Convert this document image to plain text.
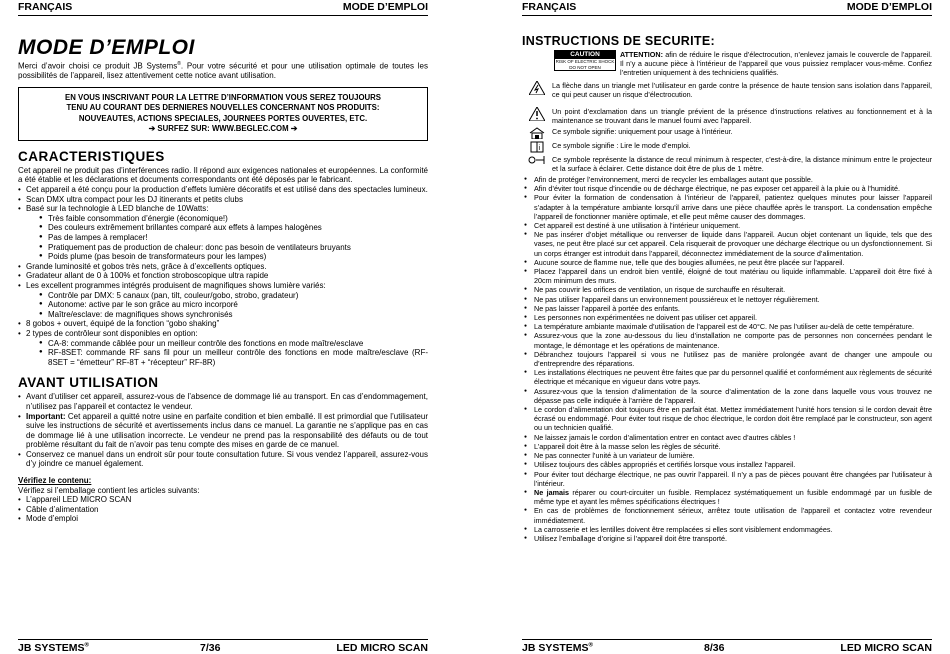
FRANÇAIS	MODE D’EMPLOI
MODE D’EMPLOI

Merci d’avoir choisi ce produit JB Systems®. Pour votre sécurité et pour une utilisation optimale de toutes les possibilités de l’appareil, lisez attentivement cette notice avant utilisation.

EN VOUS INSCRIVANT POUR LA LETTRE D’INFORMATION VOUS SEREZ TOUJOURS
TENU AU COURANT DES DERNIERES NOUVELLES CONCERNANT NOS PRODUITS:
NOUVEAUTES, ACTIONS SPECIALES, JOURNEES PORTES OUVERTES, ETC.
➔ SURFEZ SUR: WWW.BEGLEC.COM ➔
CARACTERISTIQUES

Cet appareil ne produit pas d’interférences radio. Il répond aux exigences nationales et européennes. La conformité a été établie et les déclarations et documents correspondants ont été déposés par le fabricant.

• Cet appareil a été conçu pour la production d’effets lumière décoratifs et est utilisé dans des spectacles lumineux.
• Scan DMX ultra compact pour les DJ itinerants et petits clubs
• Basé sur la technologie à LED blanche de 10Watts:
● Très faible consommation d’énergie (économique!)
● Des couleurs extrêmement brillantes comparé aux effets à lampes halogènes
● Pas de lampes à remplacer!
● Pratiquement pas de production de chaleur: donc pas besoin de ventilateurs bruyants
● Poids plume (pas besoin de transformateurs pour les lampes)
• Grande luminosité et gobos très nets, grâce à d’excellents optiques.
• Gradateur allant de 0 à 100% et fonction stroboscopique ultra rapide
• Les excellent programmes intégrés produisent de magnifiques shows lumière variés:
● Contrôle par DMX: 5 canaux (pan, tilt, couleur/gobo, strobo, gradateur)
● Autonome: active par le son grâce au micro incorporé
● Maître/esclave: de magnifiques shows synchronisés
• 8 gobos + ouvert, équipé de la fonction “gobo shaking”
• 2 types de contrôleur sont disponibles en option:
● CA-8: commande câblée pour un meilleur contrôle des fonctions en mode maître/esclave
● RF-8SET: commande RF sans fil pour un meilleur contrôle des fonctions en mode maître/esclave (RF-8SET = “émetteur” RF-8T + “récepteur” RF-8R)
AVANT UTILISATION
• Avant d’utiliser cet appareil, assurez-vous de l’absence de dommage lié au transport. En cas d’endommagement, n’utilisez pas l’appareil et contactez le vendeur.
• Important: Cet appareil a quitté notre usine en parfaite condition et bien emballé. Il est primordial que l’utilisateur suive les instructions de sécurité et avertissements inclus dans ce manuel. La garantie ne s’applique pas en cas de dommage lié à une utilisation incorrecte. Le vendeur ne prend pas la responsabilité des défauts ou de tout problème résultant du fait de n’avoir pas tenu compte des mises en garde de ce manuel.
• Conservez ce manuel dans un endroit sûr pour toute consultation future. Si vous vendez l’appareil, assurez-vous d’y joindre ce manuel également.

Vérifiez le contenu:

Vérifiez si l’emballage contient les articles suivants:

• L’appareil LED MICRO SCAN
• Câble d’alimentation
• Mode d’emploi
JB SYSTEMS®	7/36	LED MICRO SCAN
FRANÇAIS	MODE D’EMPLOI
INSTRUCTIONS DE SECURITE:
CAUTION
RISK OF ELECTRIC SHOCK
DO NOT OPEN
ATTENTION: afin de réduire le risque d’électrocution, n’enlevez jamais le couvercle de l’appareil. Il n’y a aucune pièce à l’intérieur de l’appareil que vous puissiez remplacer vous-même. Confiez l’entretien uniquement à des techniciens qualifiés.
La flèche dans un triangle met l’utilisateur en garde contre la présence de haute tension sans isolation dans l’appareil, ce qui peut causer un risque d’électrocution.
Un point d’exclamation dans un triangle prévient de la présence d’instructions relatives au fonctionnement et à la maintenance se trouvant dans le manuel fourni avec l’appareil.
Ce symbole signifie: uniquement pour usage à l’intérieur.
i Ce symbole signifie : Lire le mode d’emploi.
Ce symbole représente la distance de recul minimum à respecter, c’est-à-dire, la distance minimum entre le projecteur et la surface à éclairer. Cette distance doit être de plus de 1 mètre.
● Afin de protéger l’environnement, merci de recycler les emballages autant que possible.
● Afin d’éviter tout risque d’incendie ou de décharge électrique, ne pas exposer cet appareil à la pluie ou à l’humidité.
● Pour éviter la formation de condensation à l’intérieur de l’appareil, patientez quelques minutes pour laisser l’appareil s’adapter à la température ambiante lorsqu’il arrive dans une pièce chauffée après le transport. La condensation empêche l’appareil de fonctionner manière optimale, et elle peut même causer des dommages.
● Cet appareil est destiné à une utilisation à l’intérieur uniquement.
● Ne pas insérer d’objet métallique ou renverser de liquide dans l’appareil. Aucun objet contenant un liquide, tels que des vases, ne peut être placé sur cet appareil. Cela risquerait de provoquer une décharge électrique ou un dysfonctionnement. Si un corps étranger est introduit dans l’appareil, déconnectez immédiatement de la source d’alimentation.
● Aucune source de flamme nue, telle que des bougies allumées, ne peut être placée sur l’appareil.
● Placez l’appareil dans un endroit bien ventilé, éloigné de tout matériau ou liquide inflammable. L’appareil doit être fixé à 20cm minimum des murs.
● Ne pas couvrir les orifices de ventilation, un risque de surchauffe en résulterait.
● Ne pas utiliser l’appareil dans un environnement poussiéreux et le nettoyer régulièrement.
● Ne pas laisser l’appareil à portée des enfants.
● Les personnes non expérimentées ne doivent pas utiliser cet appareil.
● La température ambiante maximale d’utilisation de l’appareil est de 40°C. Ne pas l’utiliser au-delà de cette température.
● Assurez-vous que la zone au-dessous du lieu d’installation ne comporte pas de personnes non concernées pendant le montage, le démontage et les opérations de maintenance.
● Débranchez toujours l’appareil si vous ne l’utilisez pas de manière prolongée avant de changer une ampoule ou d’entreprendre des réparations.
● Les installations électriques ne peuvent être faites que par du personnel qualifié et conformément aux règlements de sécurité électrique et mécanique en vigueur dans votre pays.
● Assurez-vous que la tension d’alimentation de la source d’alimentation de la zone dans laquelle vous vous trouvez ne dépasse pas celle indiquée à l’arrière de l’appareil.
● Le cordon d’alimentation doit toujours être en parfait état. Mettez immédiatement l’unité hors tension si le cordon devait être écrasé ou endommagé. Pour éviter tout risque de choc électrique, le cordon doit être remplacé par le constructeur, son agent ou un technicien qualifié.
● Ne laissez jamais le cordon d’alimentation entrer en contact avec d’autres câbles !
● L’appareil doit être à la masse selon les règles de sécurité.
● Ne pas connecter l’unité à un variateur de lumière.
● Utilisez toujours des câbles appropriés et certifiés lorsque vous installez l’appareil.
● Pour éviter tout décharge électrique, ne pas ouvrir l’appareil. Il n’y a pas de pièces pouvant être changées par l’utilisateur à l’intérieur.
● Ne jamais réparer ou court-circuiter un fusible. Remplacez systématiquement un fusible endommagé par un fusible de même type et ayant les mêmes spécifications électriques !
● En cas de problèmes de fonctionnement sérieux, arrêtez toute utilisation de l’appareil et contactez votre revendeur immédiatement.
● La carrosserie et les lentilles doivent être remplacées si elles sont visiblement endommagées.
● Utilisez l’emballage d’origine si l’appareil doit être transporté.
JB SYSTEMS®	8/36	LED MICRO SCAN
